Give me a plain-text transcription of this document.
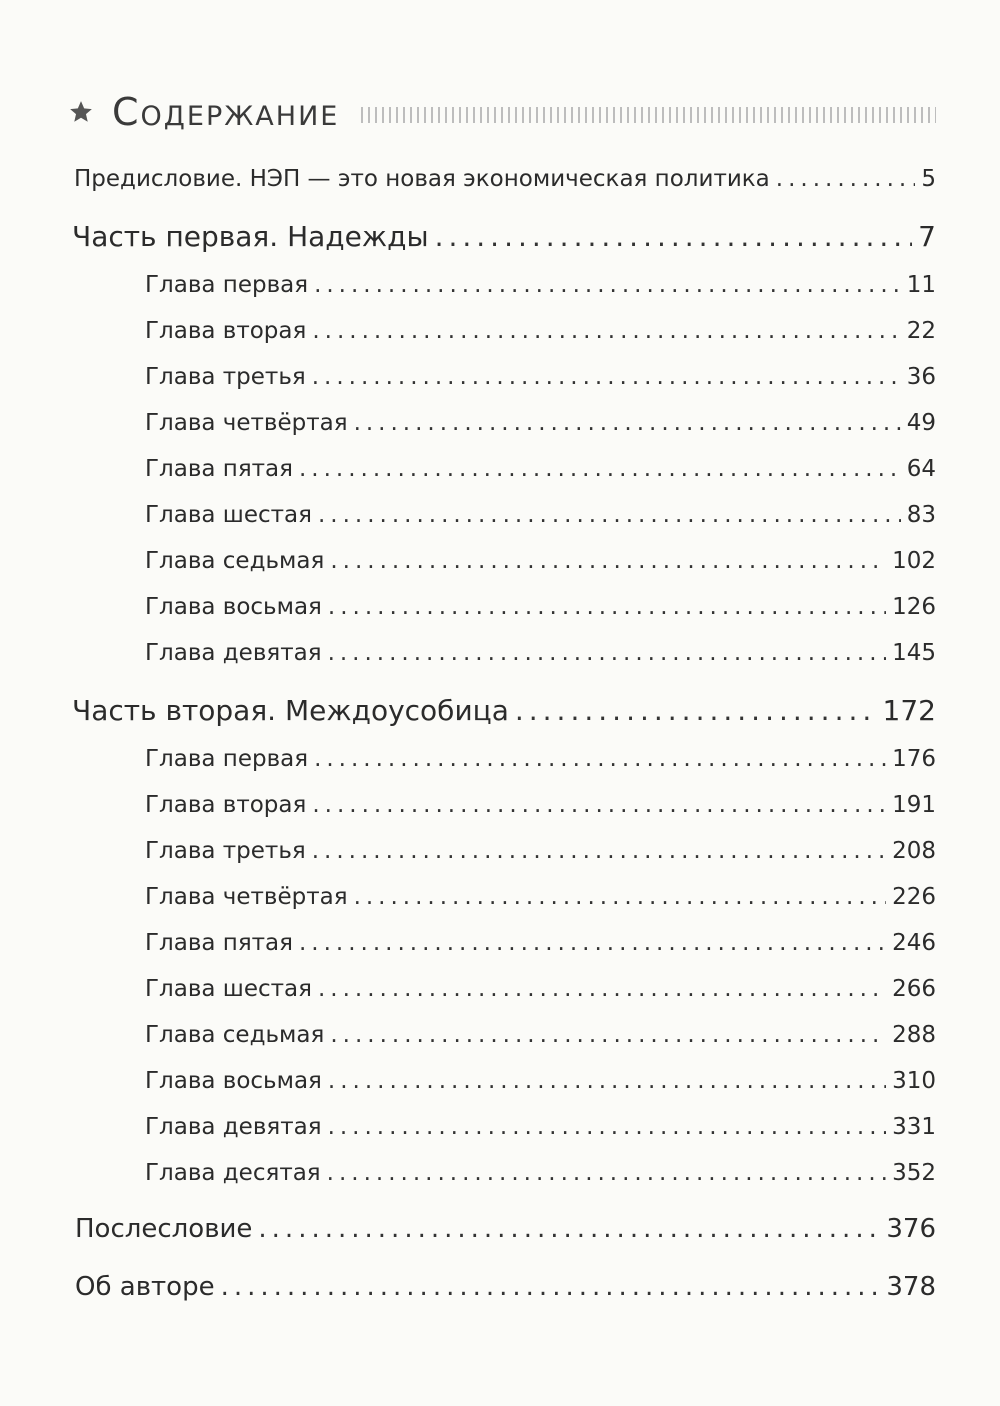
Содержание
Предисловие. НЭП — это новая экономическая политика .....	5
Часть первая. Надежды .....	7
Глава первая .....	11
Глава вторая .....	22
Глава третья .....	36
Глава четвёртая .....	49
Глава пятая .....	64
Глава шестая .....	83
Глава седьмая .....	102
Глава восьмая .....	126
Глава девятая .....	145
Часть вторая. Междоусобица .....	172
Глава первая .....	176
Глава вторая .....	191
Глава третья .....	208
Глава четвёртая .....	226
Глава пятая .....	246
Глава шестая .....	266
Глава седьмая .....	288
Глава восьмая .....	310
Глава девятая .....	331
Глава десятая .....	352
Послесловие .....	376
Об авторе .....	378
